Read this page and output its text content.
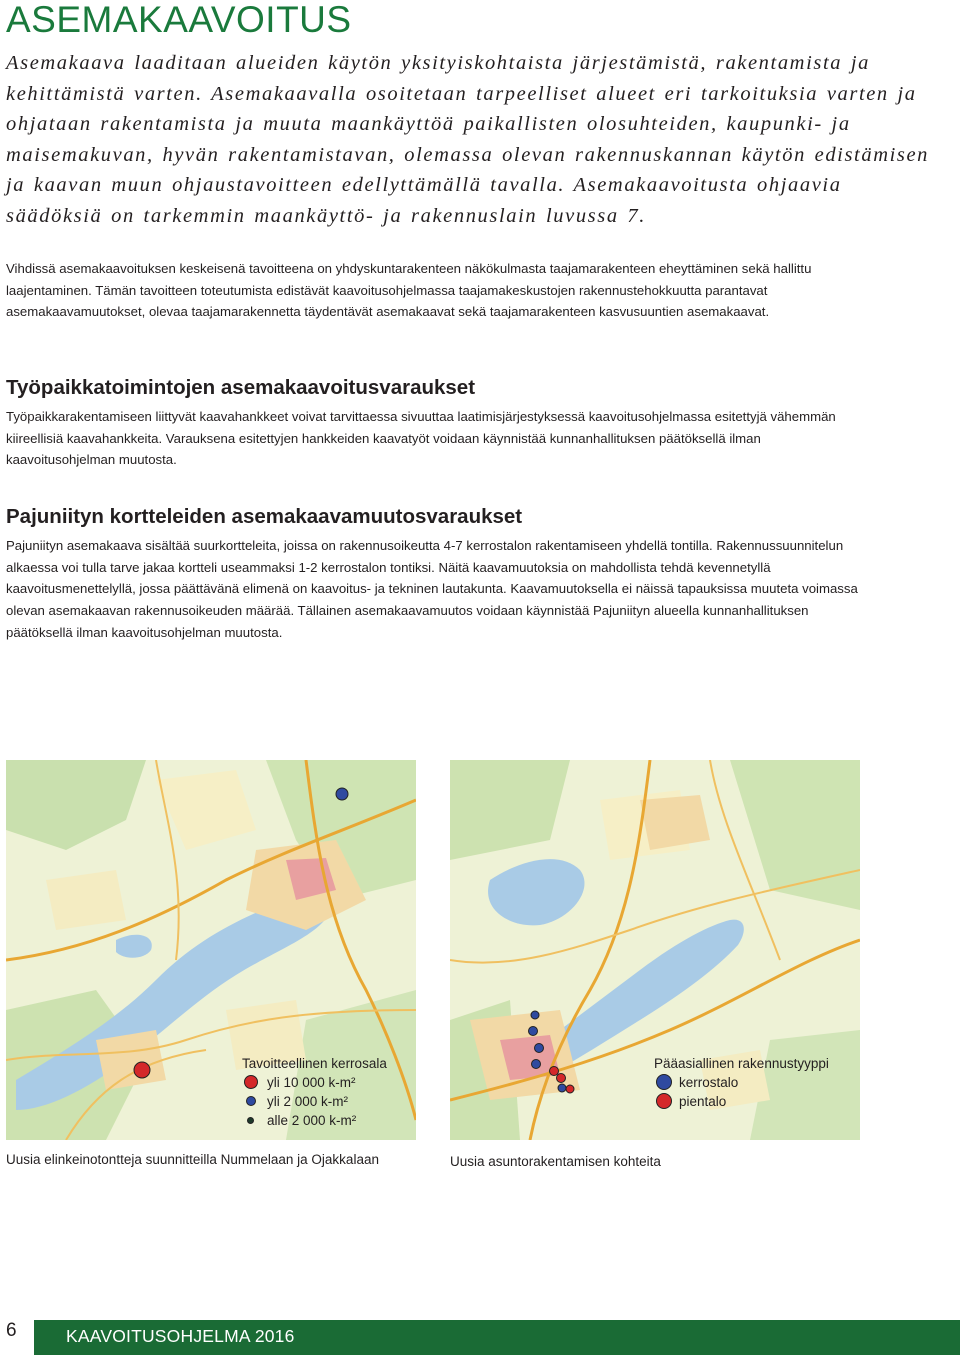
ASEMAKAAVOITUS
Asemakaava laaditaan alueiden käytön yksityiskohtaista järjestämistä, rakentamista ja kehittämistä varten. Asemakaavalla osoitetaan tarpeelliset alueet eri tarkoituksia varten ja ohjataan rakentamista ja muuta maankäyttöä paikallisten olosuhteiden, kaupunki- ja maisemakuvan, hyvän rakentamistavan, olemassa olevan rakennuskannan käytön edistämisen ja kaavan muun ohjaustavoitteen edellyttämällä tavalla. Asemakaavoitusta ohjaavia säädöksiä on tarkemmin maankäyttö- ja rakennuslain luvussa 7.
Vihdissä asemakaavoituksen keskeisenä tavoitteena on yhdyskuntarakenteen näkökulmasta taajamarakenteen eheyttäminen sekä hallittu laajentaminen. Tämän tavoitteen toteutumista edistävät kaavoitusohjelmassa taajamakeskustojen rakennustehokkuutta parantavat asemakaavamuutokset, olevaa taajamarakennetta täydentävät asemakaavat sekä taajamarakenteen kasvusuuntien asemakaavat.
Työpaikkatoimintojen asemakaavoitusvaraukset
Työpaikkarakentamiseen liittyvät kaavahankkeet voivat tarvittaessa sivuuttaa laatimisjärjestyksessä kaavoitusohjelmassa esitettyjä vähemmän kiireellisiä kaavahankkeita. Varauksena esitettyjen hankkeiden kaavatyöt voidaan käynnistää kunnanhallituksen päätöksellä ilman kaavoitusohjelman muutosta.
Pajuniityn kortteleiden asemakaavamuutosvaraukset
Pajuniityn asemakaava sisältää suurkortteleita, joissa on rakennusoikeutta 4-7 kerrostalon rakentamiseen yhdellä tontilla. Rakennussuunnitelun alkaessa voi tulla tarve jakaa kortteli useammaksi 1-2 kerrostalon tontiksi. Näitä kaavamuutoksia on mahdollista tehdä kevennetyllä kaavoitusmenettelyllä, jossa päättävänä elimenä on kaavoitus- ja tekninen lautakunta. Kaavamuutoksella ei näissä tapauksissa muuteta voimassa olevan asemakaavan rakennusoikeuden määrää. Tällainen asemakaavamuutos voidaan käynnistää Pajuniityn alueella kunnanhallituksen päätöksellä ilman kaavoitusohjelman muutosta.
Tavoitteellinen kerrosala
yli 10 000 k-m²
yli 2 000 k-m²
alle 2 000 k-m²
Pääasiallinen rakennustyyppi
kerrostalo
pientalo
Uusia elinkeinotontteja suunnitteilla Nummelaan ja Ojakkalaan	Uusia asuntorakentamisen kohteita
6	KAAVOITUSOHJELMA 2016
